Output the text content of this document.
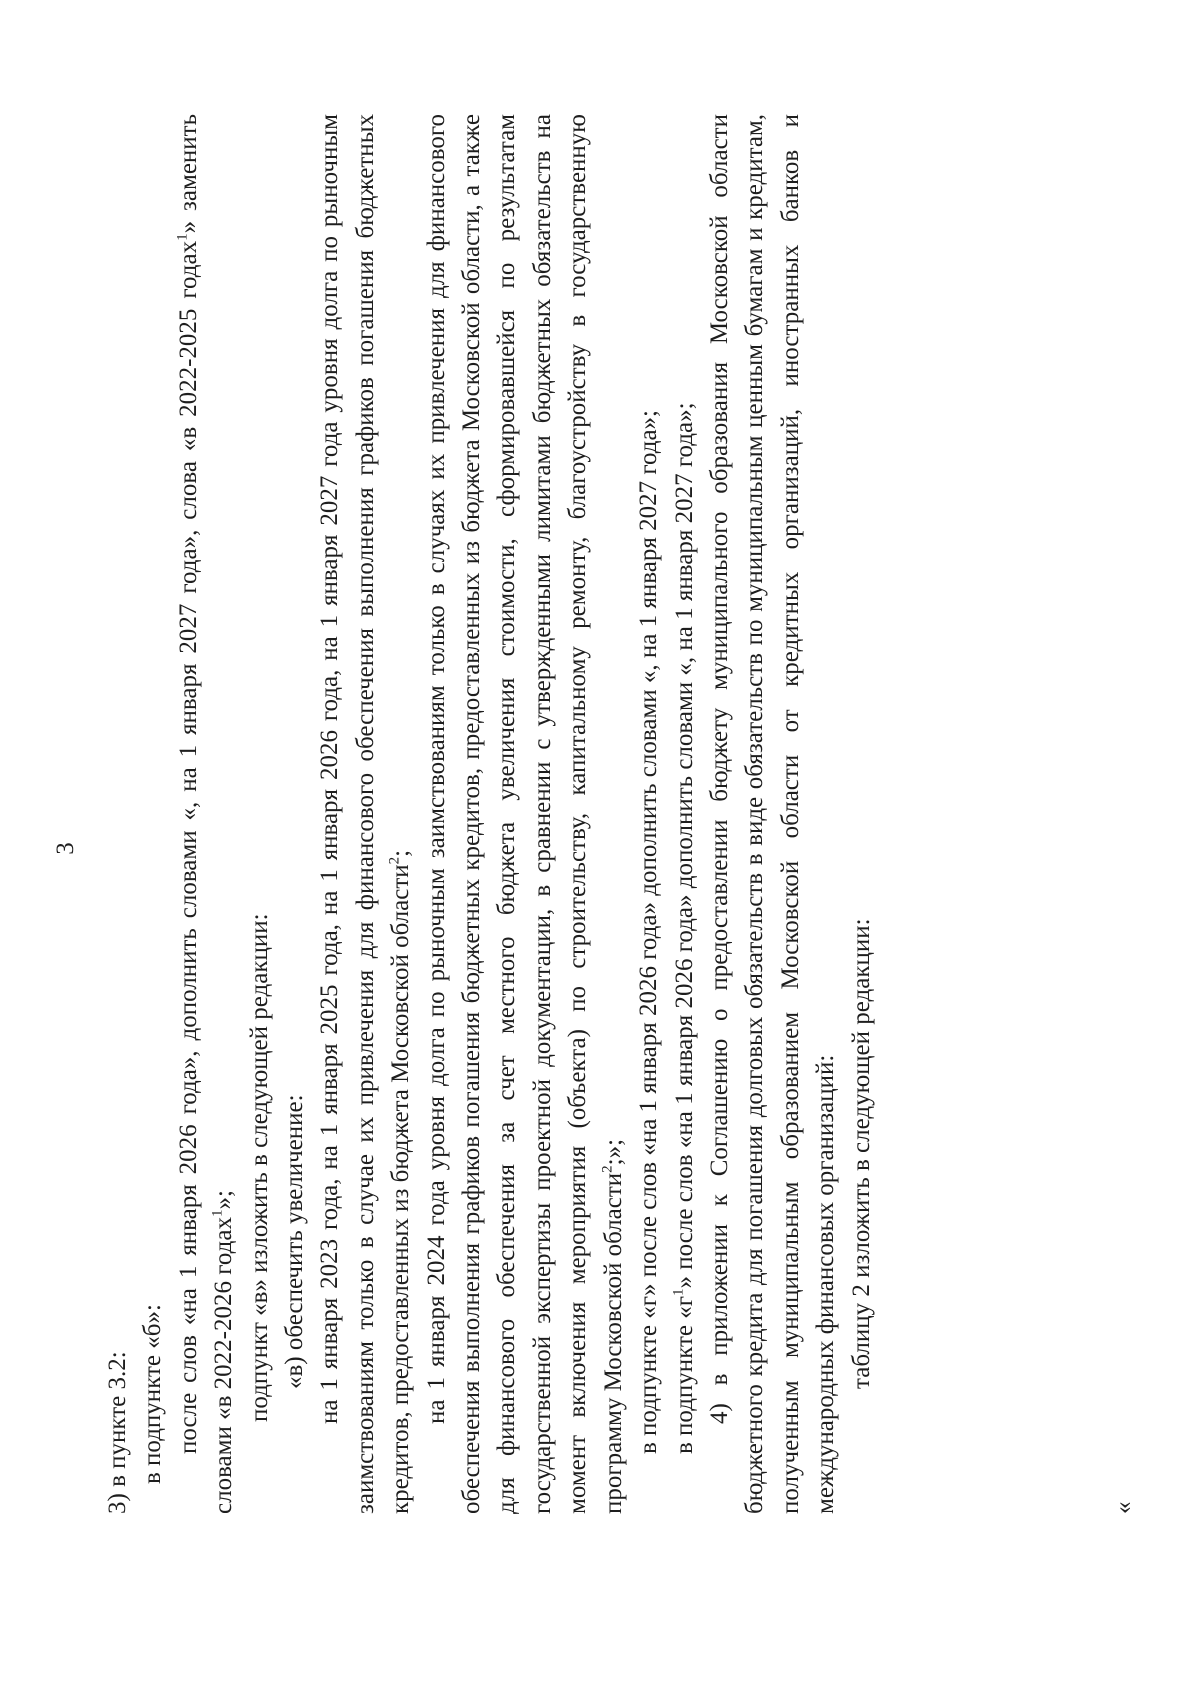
3

3) в пункте 3.2: в подпункте «б»: после слов «на 1 января 2026 года», дополнить словами «, на 1 января 2027 года», слова «в 2022-2025 годах$^1$» заменить словами «в 2022-2026 годах$^1$»; подпункт «в» изложить в следующей редакции: «в) обеспечить увеличение: на 1 января 2023 года, на 1 января 2025 года, на 1 января 2026 года, на 1 января 2027 года уровня долга по рыночным заимствованиям только в случае их привлечения для финансового обеспечения выполнения графиков погашения бюджетных кредитов, предоставленных из бюджета Московской области$^2$; на 1 января 2024 года уровня долга по рыночным заимствованиям только в случаях их привлечения для финансового обеспечения выполнения графиков погашения бюджетных кредитов, предоставленных из бюджета Московской области, а также для финансового обеспечения за счет местного бюджета увеличения стоимости, сформировавшейся по результатам государственной экспертизы проектной документации, в сравнении с утвержденными лимитами бюджетных обязательств на момент включения мероприятия (объекта) по строительству, капитальному ремонту, благоустройству в государственную программу Московской области$^2$;»; в подпункте «г» после слов «на 1 января 2026 года» дополнить словами «, на 1 января 2027 года»; в подпункте «$г^1$» после слов «на 1 января 2026 года» дополнить словами «, на 1 января 2027 года»; 4) в приложении к Соглашению о предоставлении бюджету муниципального образования Московской области бюджетного кредита для погашения долговых обязательств в виде обязательств по муниципальным ценным бумагам и кредитам, полученным муниципальным образованием Московской области от кредитных организаций, иностранных банков и международных финансовых организаций: таблицу 2 изложить в следующей редакции:

«
